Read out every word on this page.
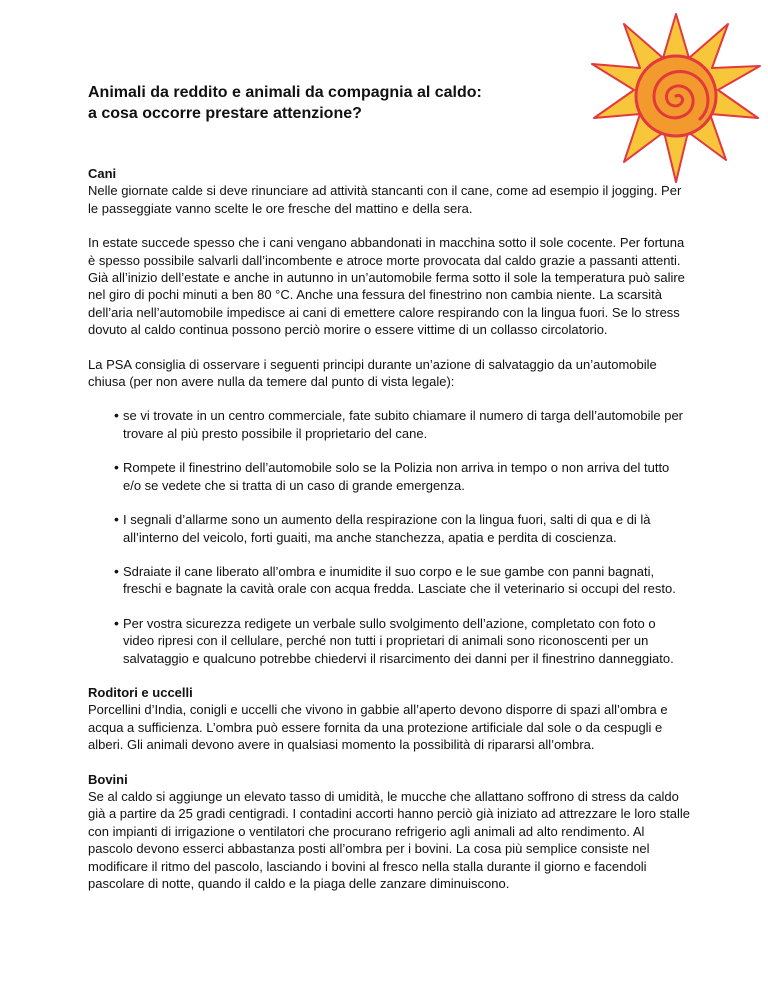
Animali da reddito e animali da compagnia al caldo:
a cosa occorre prestare attenzione?
Cani

Nelle giornate calde si deve rinunciare ad attività stancanti con il cane, come ad esempio il jogging. Per le passeggiate vanno scelte le ore fresche del mattino e della sera.

In estate succede spesso che i cani vengano abbandonati in macchina sotto il sole cocente. Per fortuna è spesso possibile salvarli dall’incombente e atroce morte provocata dal caldo grazie a passanti attenti. Già all’inizio dell’estate e anche in autunno in un’automobile ferma sotto il sole la temperatura può salire nel giro di pochi minuti a ben 80 °C. Anche una fessura del finestrino non cambia niente. La scarsità dell’aria nell’automobile impedisce ai cani di emettere calore respirando con la lingua fuori. Se lo stress dovuto al caldo continua possono perciò morire o essere vittime di un collasso circolatorio.

La PSA consiglia di osservare i seguenti principi durante un’azione di salvataggio da un’automobile chiusa (per non avere nulla da temere dal punto di vista legale):

• se vi trovate in un centro commerciale, fate subito chiamare il numero di targa dell’automobile per trovare al più presto possibile il proprietario del cane.
• Rompete il finestrino dell’automobile solo se la Polizia non arriva in tempo o non arriva del tutto e/o se vedete che si tratta di un caso di grande emergenza.
• I segnali d’allarme sono un aumento della respirazione con la lingua fuori, salti di qua e di là all’interno del veicolo, forti guaiti, ma anche stanchezza, apatia e perdita di coscienza.
• Sdraiate il cane liberato all’ombra e inumidite il suo corpo e le sue gambe con panni bagnati, freschi e bagnate la cavità orale con acqua fredda. Lasciate che il veterinario si occupi del resto.
• Per vostra sicurezza redigete un verbale sullo svolgimento dell’azione, completato con foto o video ripresi con il cellulare, perché non tutti i proprietari di animali sono riconoscenti per un salvataggio e qualcuno potrebbe chiedervi il risarcimento dei danni per il finestrino danneggiato.
Roditori e uccelli

Porcellini d’India, conigli e uccelli che vivono in gabbie all’aperto devono disporre di spazi all’ombra e acqua a sufficienza. L’ombra può essere fornita da una protezione artificiale dal sole o da cespugli e alberi. Gli animali devono avere in qualsiasi momento la possibilità di ripararsi all’ombra.

Bovini

Se al caldo si aggiunge un elevato tasso di umidità, le mucche che allattano soffrono di stress da caldo già a partire da 25 gradi centigradi. I contadini accorti hanno perciò già iniziato ad attrezzare le loro stalle con impianti di irrigazione o ventilatori che procurano refrigerio agli animali ad alto rendimento. Al pascolo devono esserci abbastanza posti all’ombra per i bovini. La cosa più semplice consiste nel modificare il ritmo del pascolo, lasciando i bovini al fresco nella stalla durante il giorno e facendoli pascolare di notte, quando il caldo e la piaga delle zanzare diminuiscono.
